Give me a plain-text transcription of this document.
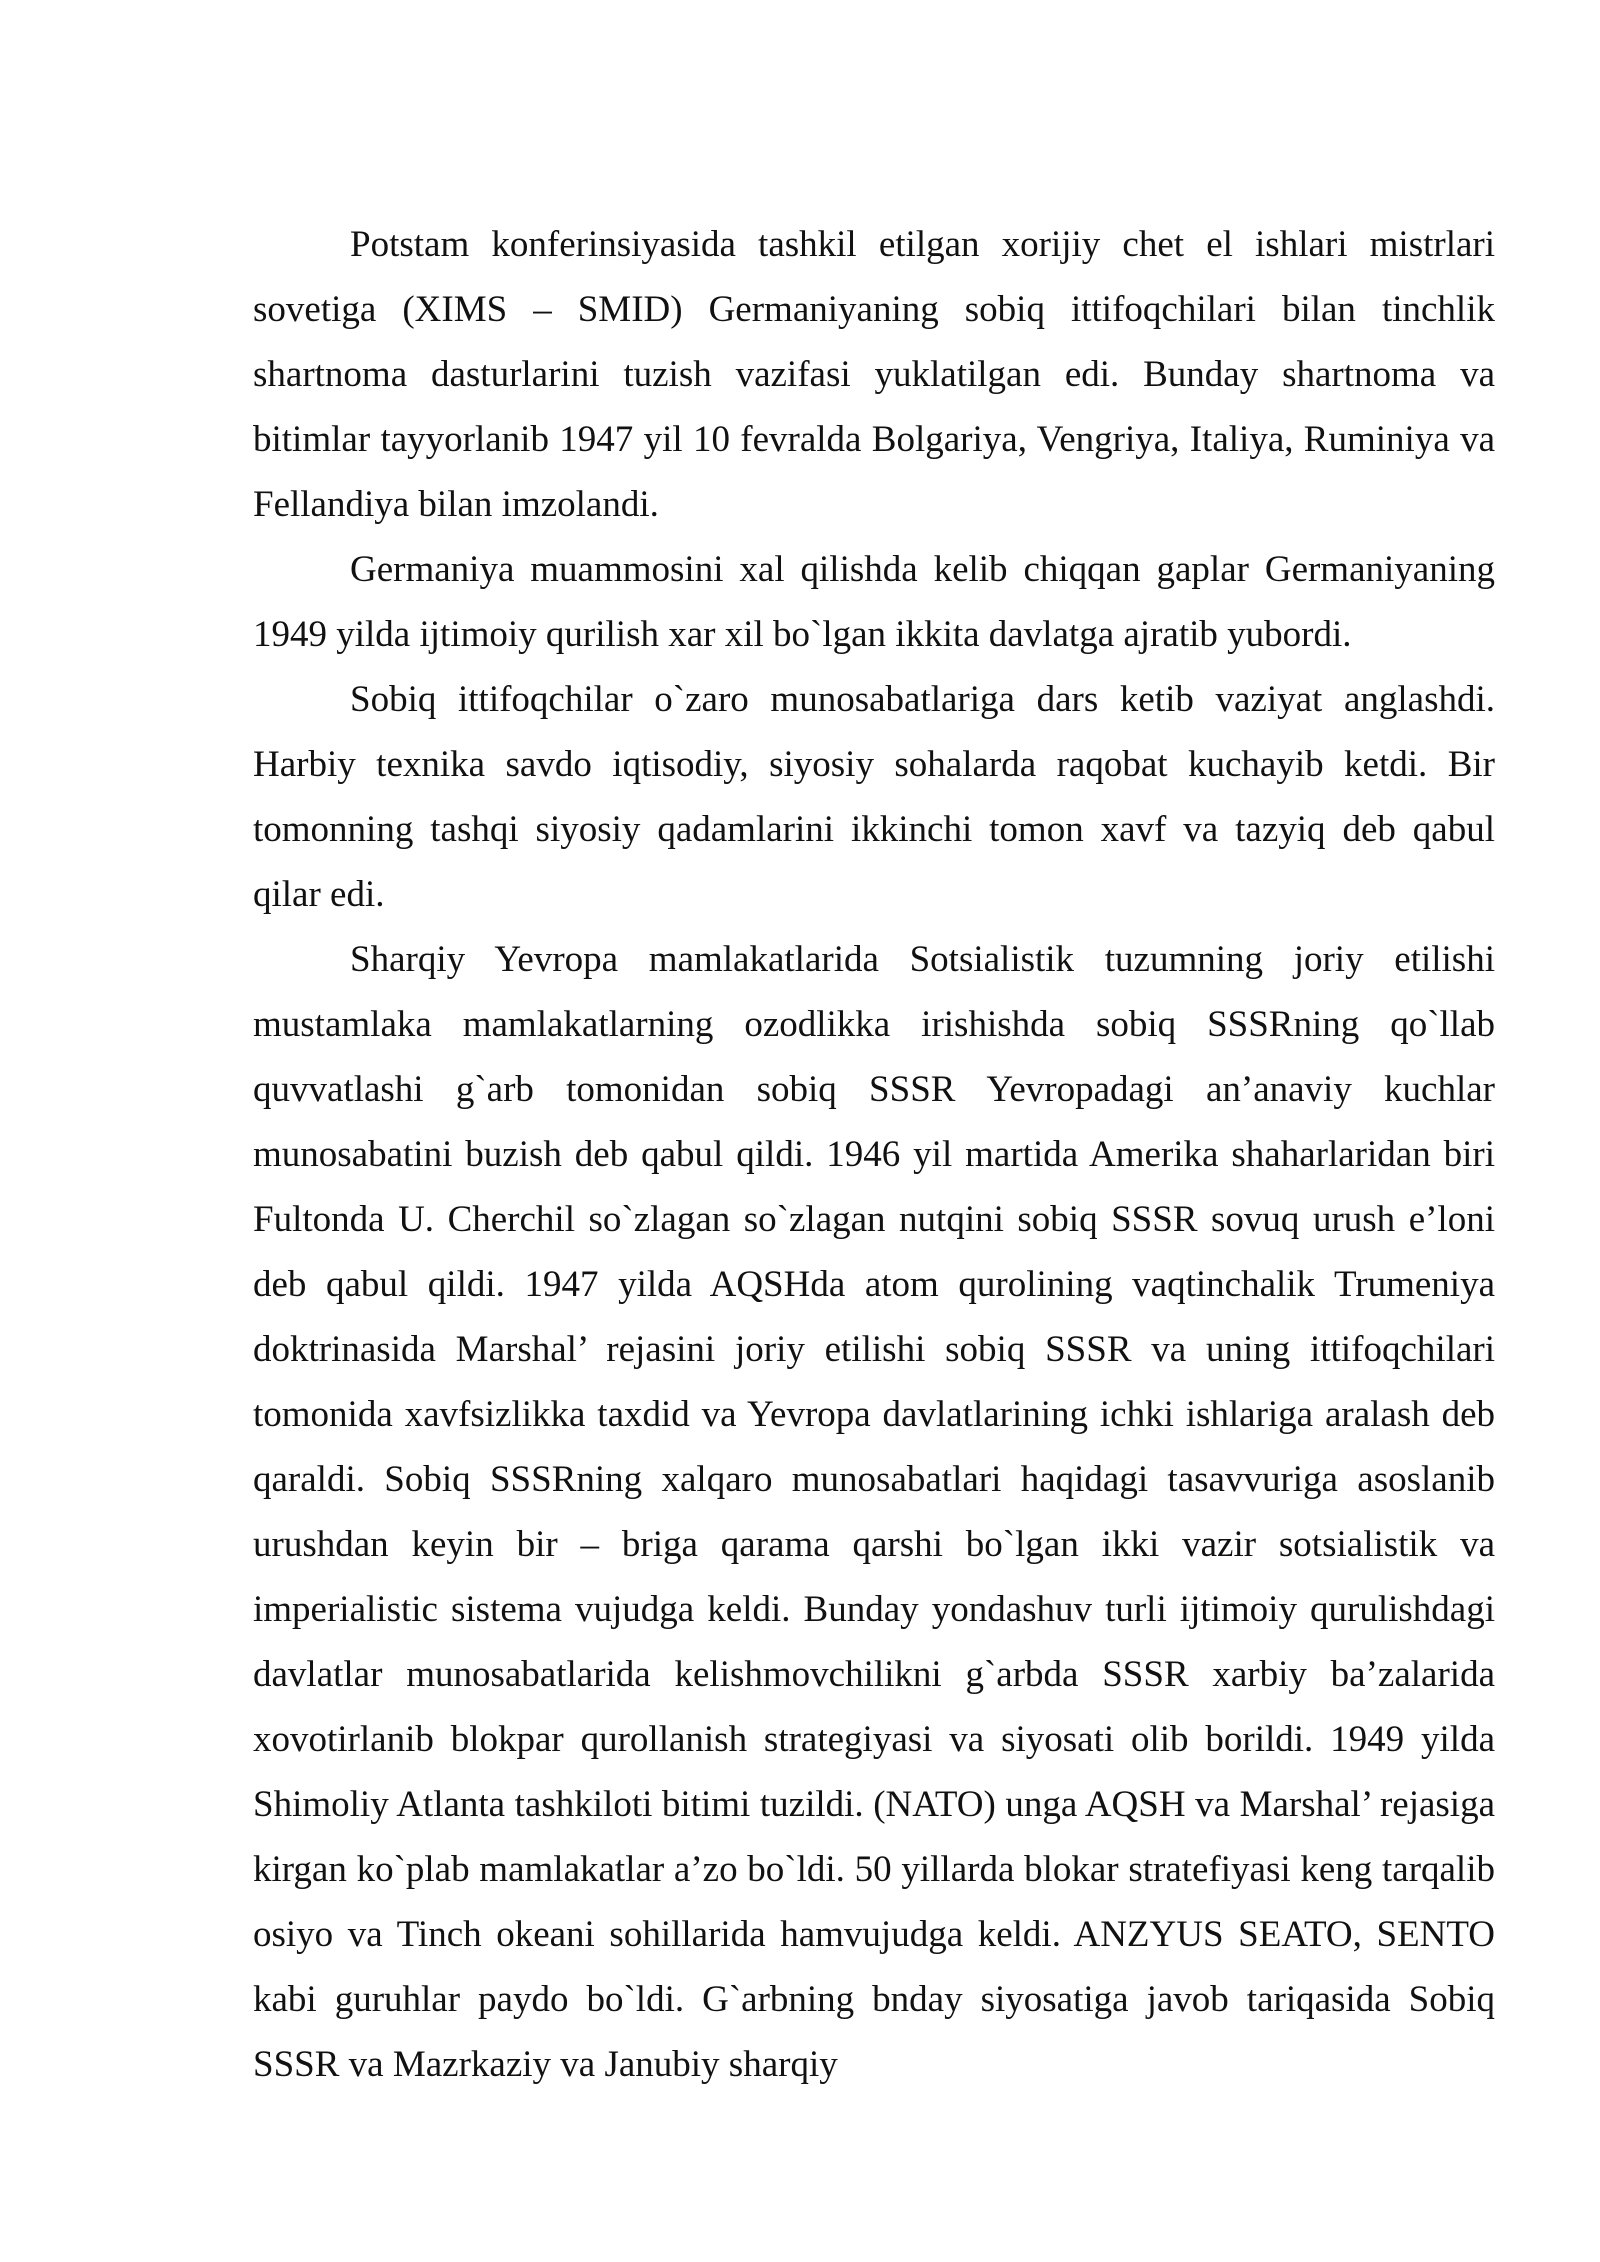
Potstam konferinsiyasida tashkil etilgan xorijiy chet el ishlari mistrlari sovetiga (XIMS – SMID) Germaniyaning sobiq ittifoqchilari bilan tinchlik shartnoma dasturlarini tuzish vazifasi yuklatilgan edi. Bunday shartnoma va bitimlar tayyorlanib 1947 yil 10 fevralda Bolgariya, Vengriya, Italiya, Ruminiya va Fellandiya bilan imzolandi.

Germaniya muammosini xal qilishda kelib chiqqan gaplar Germaniyaning 1949 yilda ijtimoiy qurilish xar xil bo`lgan ikkita davlatga ajratib yubordi.

Sobiq ittifoqchilar o`zaro munosabatlariga dars ketib vaziyat anglashdi. Harbiy texnika savdo iqtisodiy, siyosiy sohalarda raqobat kuchayib ketdi. Bir tomonning tashqi siyosiy qadamlarini ikkinchi tomon xavf va tazyiq deb qabul qilar edi.

Sharqiy Yevropa mamlakatlarida Sotsialistik tuzumning joriy etilishi mustamlaka mamlakatlarning ozodlikka irishishda sobiq SSSRning qo`llab quvvatlashi g`arb tomonidan sobiq SSSR Yevropadagi an’anaviy kuchlar munosabatini buzish deb qabul qildi. 1946 yil martida Amerika shaharlaridan biri Fultonda U. Cherchil so`zlagan so`zlagan nutqini sobiq SSSR sovuq urush e’loni deb qabul qildi. 1947 yilda AQSHda atom qurolining vaqtinchalik Trumeniya doktrinasida Marshal’ rejasini joriy etilishi sobiq SSSR va uning ittifoqchilari tomonida xavfsizlikka taxdid va Yevropa davlatlarining ichki ishlariga aralash deb qaraldi. Sobiq SSSRning xalqaro munosabatlari haqidagi tasavvuriga asoslanib urushdan keyin bir – briga qarama qarshi bo`lgan ikki vazir sotsialistik va imperialistic sistema vujudga keldi. Bunday yondashuv turli ijtimoiy qurulishdagi davlatlar munosabatlarida kelishmovchilikni g`arbda SSSR xarbiy ba’zalarida xovotirlanib blokpar qurollanish strategiyasi va siyosati olib borildi. 1949 yilda Shimoliy Atlanta tashkiloti bitimi tuzildi. (NATO) unga AQSH va Marshal’ rejasiga kirgan ko`plab mamlakatlar a’zo bo`ldi. 50 yillarda blokar stratefiyasi keng tarqalib osiyo va Tinch okeani sohillarida hamvujudga keldi. ANZYUS SEATO, SENTO kabi guruhlar paydo bo`ldi. G`arbning bnday siyosatiga javob tariqasida Sobiq SSSR va Mazrkaziy va Janubiy sharqiy
